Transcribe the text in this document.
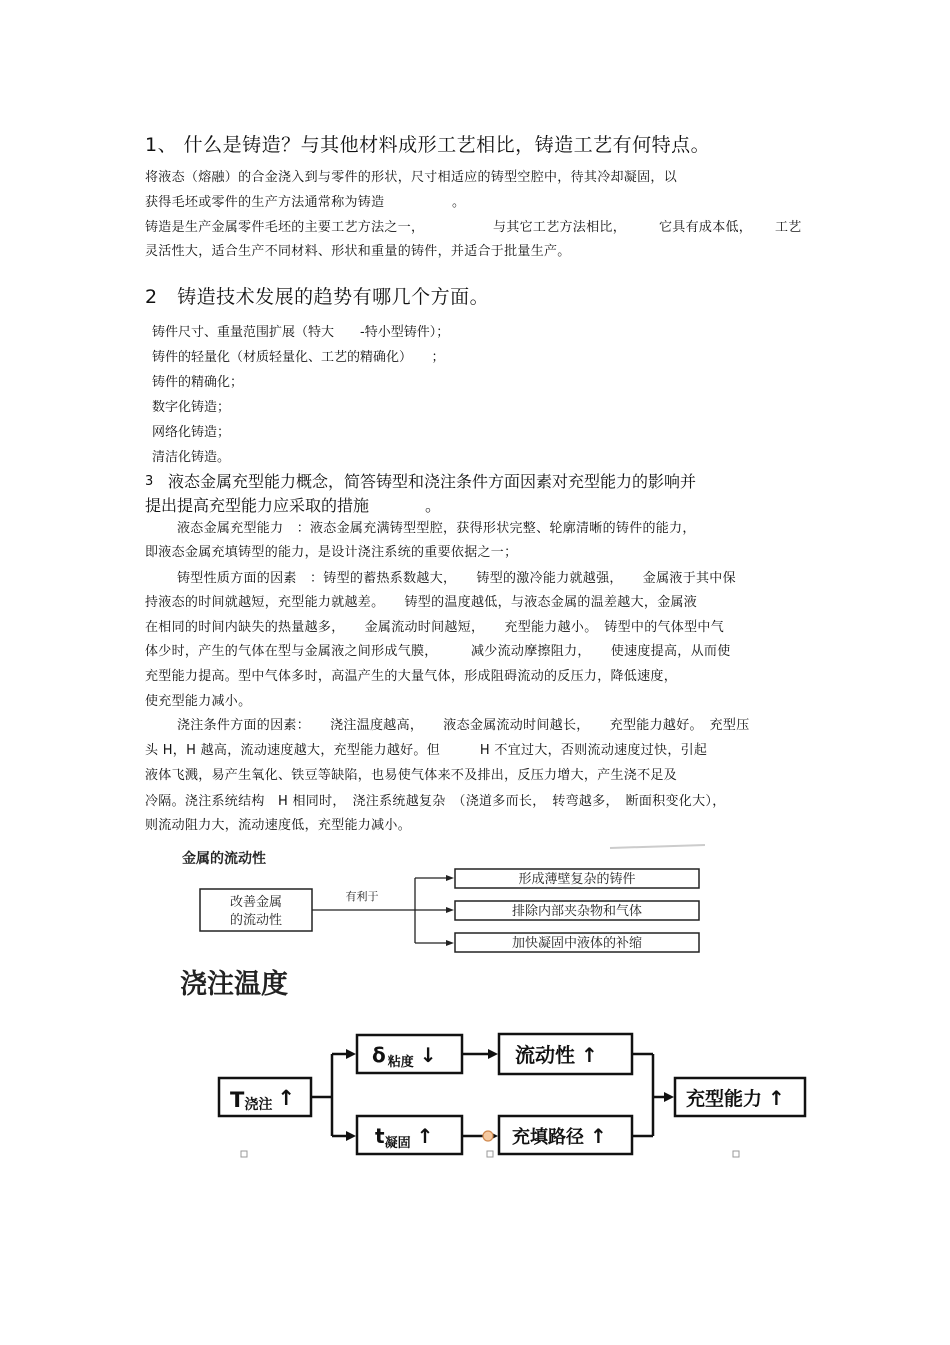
1、 什么是铸造？与其他材料成形工艺相比，铸造工艺有何特点。
将液态（熔融）的合金浇入到与零件的形状，尺寸相适应的铸型空腔中，待其冷却凝固，以
获得毛坯或零件的生产方法通常称为铸造	。
铸造是生产金属零件毛坯的主要工艺方法之一，	与其它工艺方法相比，	它具有成本低， 工艺
灵活性大，适合生产不同材料、形状和重量的铸件，并适合于批量生产。
2　铸造技术发展的趋势有哪几个方面。
铸件尺寸、重量范围扩展（特大　　-特小型铸件）；
铸件的轻量化（材质轻量化、工艺的精确化）　　；
铸件的精确化；
数字化铸造；
网络化铸造；
清洁化铸造。
3 液态金属充型能力概念，简答铸型和浇注条件方面因素对充型能力的影响并
提出提高充型能力应采取的措施	。
液态金属充型能力　：液态金属充满铸型型腔，获得形状完整、轮廓清晰的铸件的能力，
即液态金属充填铸型的能力，是设计浇注系统的重要依据之一；
铸型性质方面的因素　：铸型的蓄热系数越大，　　铸型的激冷能力就越强，　　金属液于其中保
持液态的时间就越短，充型能力就越差。　　铸型的温度越低，与液态金属的温差越大，金属液
在相同的时间内缺失的热量越多，　　金属流动时间越短，　　充型能力越小。　铸型中的气体型中气
体少时，产生的气体在型与金属液之间形成气膜，　　　减少流动摩擦阻力，　　使速度提高，从而使
充型能力提高。型中气体多时，高温产生的大量气体，形成阻碍流动的反压力，降低速度，
使充型能力减小。
浇注条件方面的因素：　　浇注温度越高，　　液态金属流动时间越长，　　充型能力越好。　充型压
头 H，H 越高，流动速度越大，充型能力越好。但　　　H 不宜过大，否则流动速度过快，引起
液体飞溅，易产生氧化、铁豆等缺陷，也易使气体来不及排出，反压力增大，产生浇不足及
冷隔。浇注系统结构　H 相同时，　浇注系统越复杂　（浇道多而长，　转弯越多，　断面积变化大），
则流动阻力大，流动速度低，充型能力减小。
金属的流动性
改善金属
的流动性
有利于
形成薄壁复杂的铸件
排除内部夹杂物和气体
加快凝固中液体的补缩
浇注温度
T浇注 ↑
δ $_{粘度}$ ↓	流动性 ↑
$t_{凝固}$ ↑	充填路径 ↑
充型能力 ↑
